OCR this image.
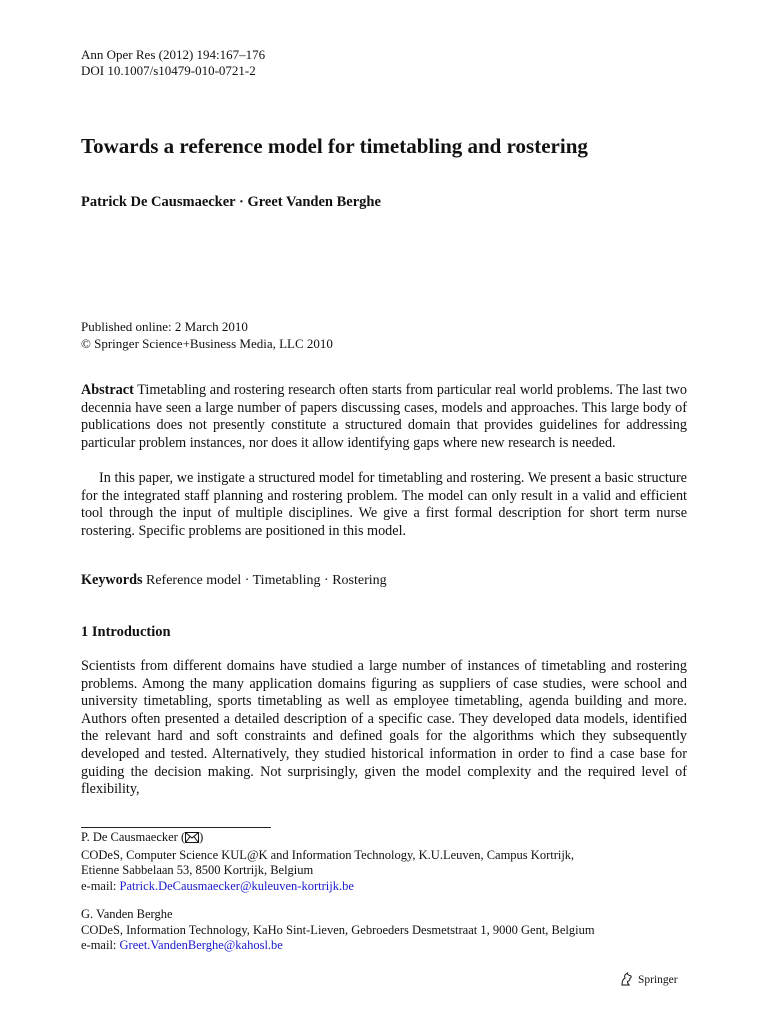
Ann Oper Res (2012) 194:167–176
DOI 10.1007/s10479-010-0721-2
Towards a reference model for timetabling and rostering
Patrick De Causmaecker · Greet Vanden Berghe
Published online: 2 March 2010
© Springer Science+Business Media, LLC 2010

Abstract Timetabling and rostering research often starts from particular real world problems. The last two decennia have seen a large number of papers discussing cases, models and approaches. This large body of publications does not presently constitute a structured domain that provides guidelines for addressing particular problem instances, nor does it allow identifying gaps where new research is needed.

In this paper, we instigate a structured model for timetabling and rostering. We present a basic structure for the integrated staff planning and rostering problem. The model can only result in a valid and efficient tool through the input of multiple disciplines. We give a first formal description for short term nurse rostering. Specific problems are positioned in this model.

Keywords Reference model · Timetabling · Rostering
1 Introduction

Scientists from different domains have studied a large number of instances of timetabling and rostering problems. Among the many application domains figuring as suppliers of case studies, were school and university timetabling, sports timetabling as well as employee timetabling, agenda building and more. Authors often presented a detailed description of a specific case. They developed data models, identified the relevant hard and soft constraints and defined goals for the algorithms which they subsequently developed and tested. Alternatively, they studied historical information in order to find a case base for guiding the decision making. Not surprisingly, given the model complexity and the required level of flexibility,

P. De Causmaecker ( )
CODeS, Computer Science KUL@K and Information Technology, K.U.Leuven, Campus Kortrijk,
Etienne Sabbelaan 53, 8500 Kortrijk, Belgium
e-mail: Patrick.DeCausmaecker@kuleuven-kortrijk.be
G. Vanden Berghe
CODeS, Information Technology, KaHo Sint-Lieven, Gebroeders Desmetstraat 1, 9000 Gent, Belgium
e-mail: Greet.VandenBerghe@kahosl.be
Springer
